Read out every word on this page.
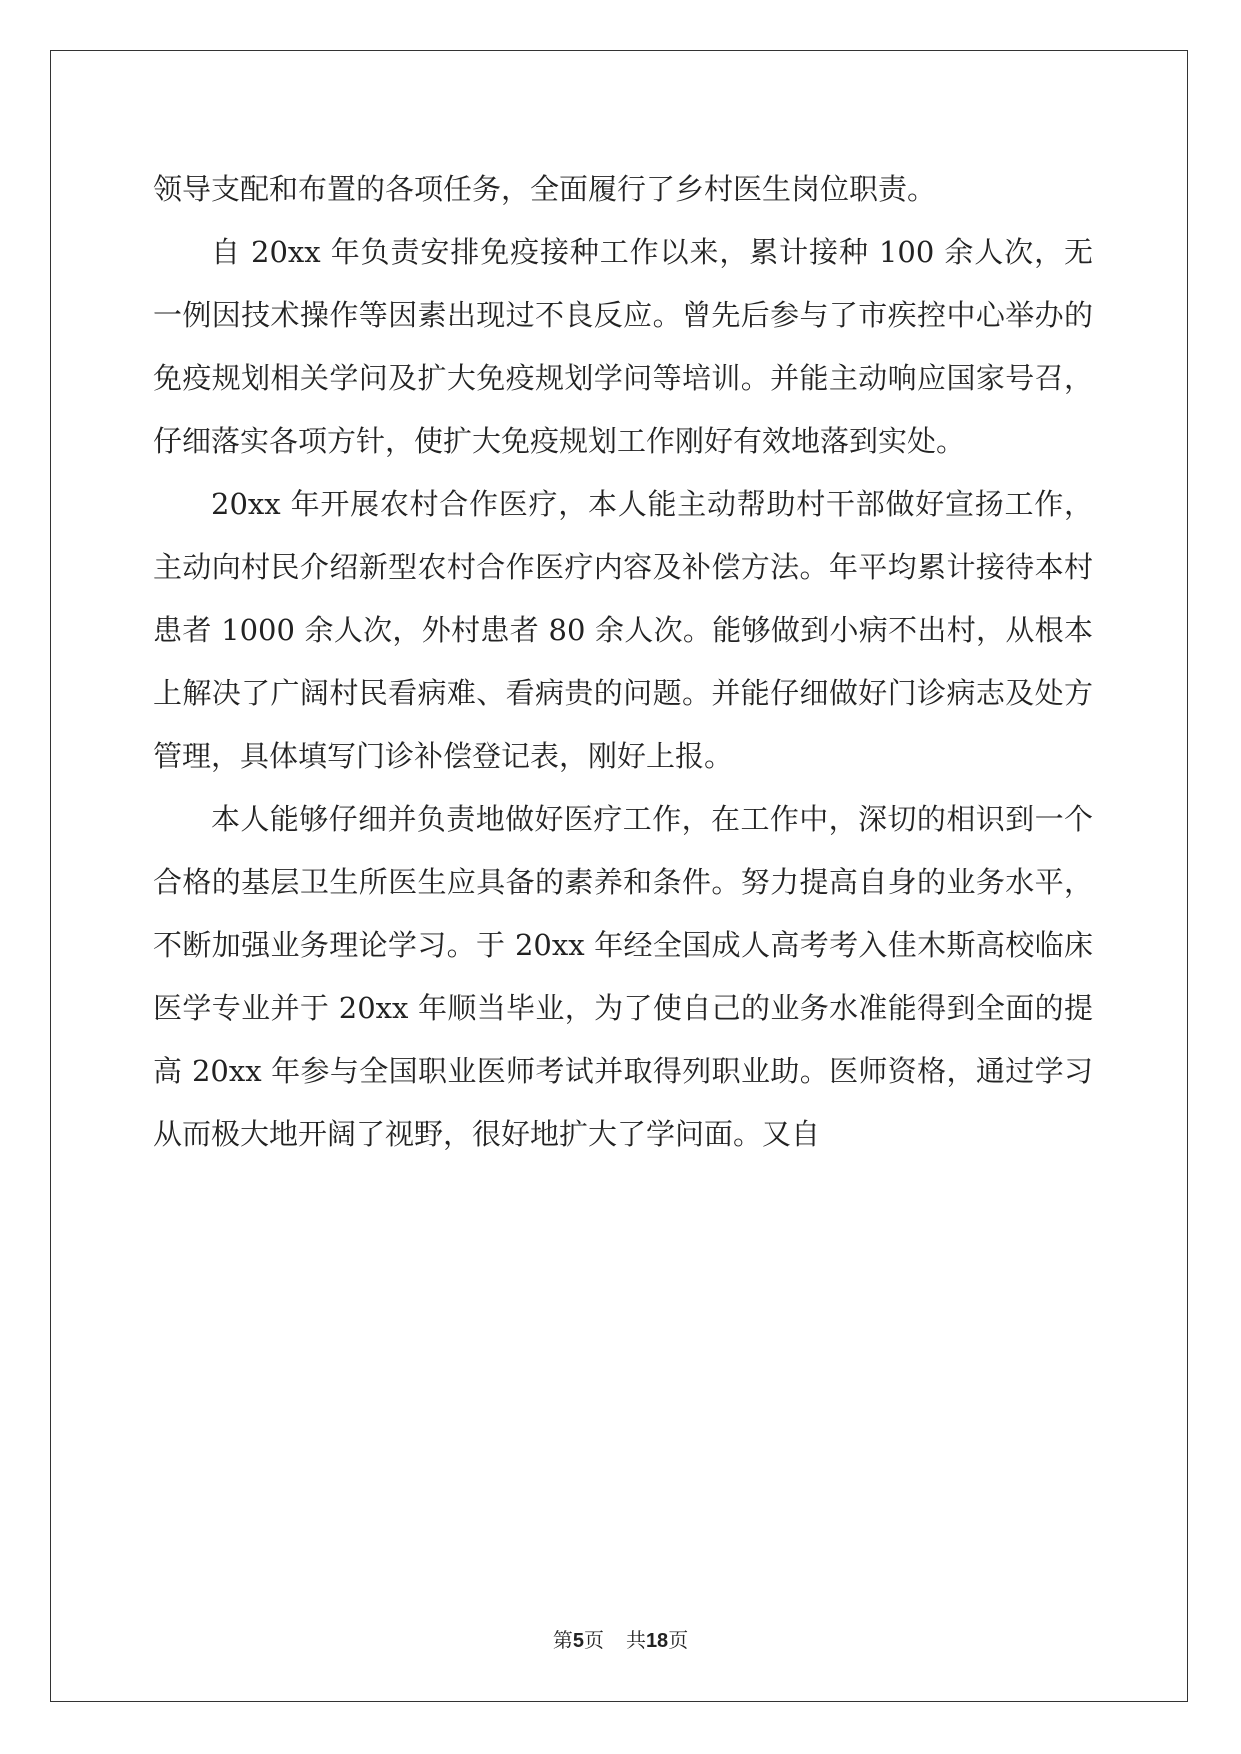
领导支配和布置的各项任务，全面履行了乡村医生岗位职责。

自 20xx 年负责安排免疫接种工作以来，累计接种 100 余人次，无一例因技术操作等因素出现过不良反应。曾先后参与了市疾控中心举办的免疫规划相关学问及扩大免疫规划学问等培训。并能主动响应国家号召，仔细落实各项方针，使扩大免疫规划工作刚好有效地落到实处。

20xx 年开展农村合作医疗，本人能主动帮助村干部做好宣扬工作，主动向村民介绍新型农村合作医疗内容及补偿方法。年平均累计接待本村患者 1000 余人次，外村患者 80 余人次。能够做到小病不出村，从根本上解决了广阔村民看病难、看病贵的问题。并能仔细做好门诊病志及处方管理，具体填写门诊补偿登记表，刚好上报。

本人能够仔细并负责地做好医疗工作，在工作中，深切的相识到一个合格的基层卫生所医生应具备的素养和条件。努力提高自身的业务水平，不断加强业务理论学习。于 20xx 年经全国成人高考考入佳木斯高校临床医学专业并于 20xx 年顺当毕业，为了使自己的业务水准能得到全面的提高 20xx 年参与全国职业医师考试并取得列职业助。医师资格，通过学习从而极大地开阔了视野，很好地扩大了学问面。又自

第5页 共18页
